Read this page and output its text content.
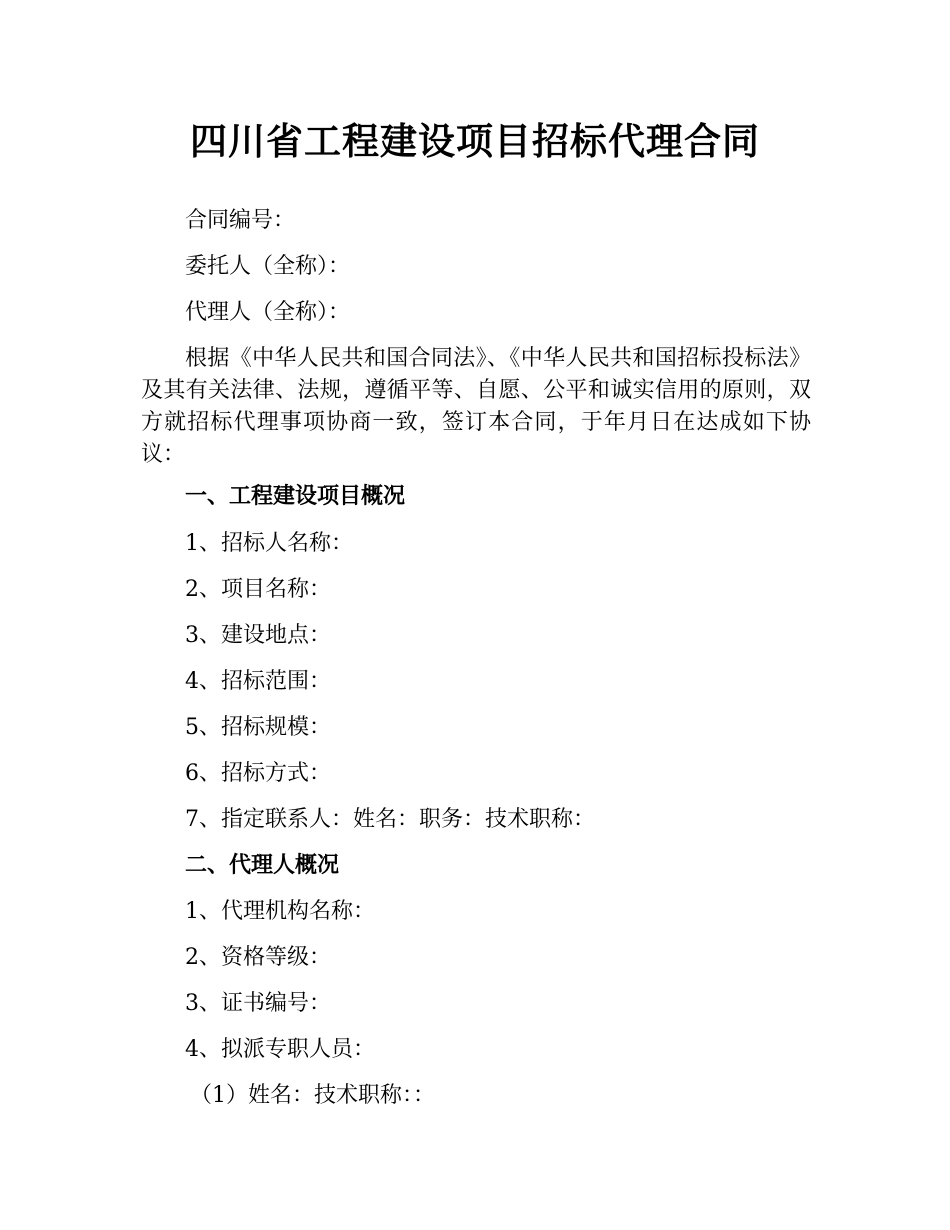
四川省工程建设项目招标代理合同

合同编号：

委托人（全称）：

代理人（全称）：

根据《中华人民共和国合同法》、《中华人民共和国招标投标法》及其有关法律、法规，遵循平等、自愿、公平和诚实信用的原则，双方就招标代理事项协商一致，签订本合同，于年月日在达成如下协议：

一、工程建设项目概况

1、招标人名称：

2、项目名称：

3、建设地点：

4、招标范围：

5、招标规模：

6、招标方式：

7、指定联系人：姓名：职务：技术职称：

二、代理人概况

1、代理机构名称：

2、资格等级：

3、证书编号：

4、拟派专职人员：

（1）姓名：技术职称：：
